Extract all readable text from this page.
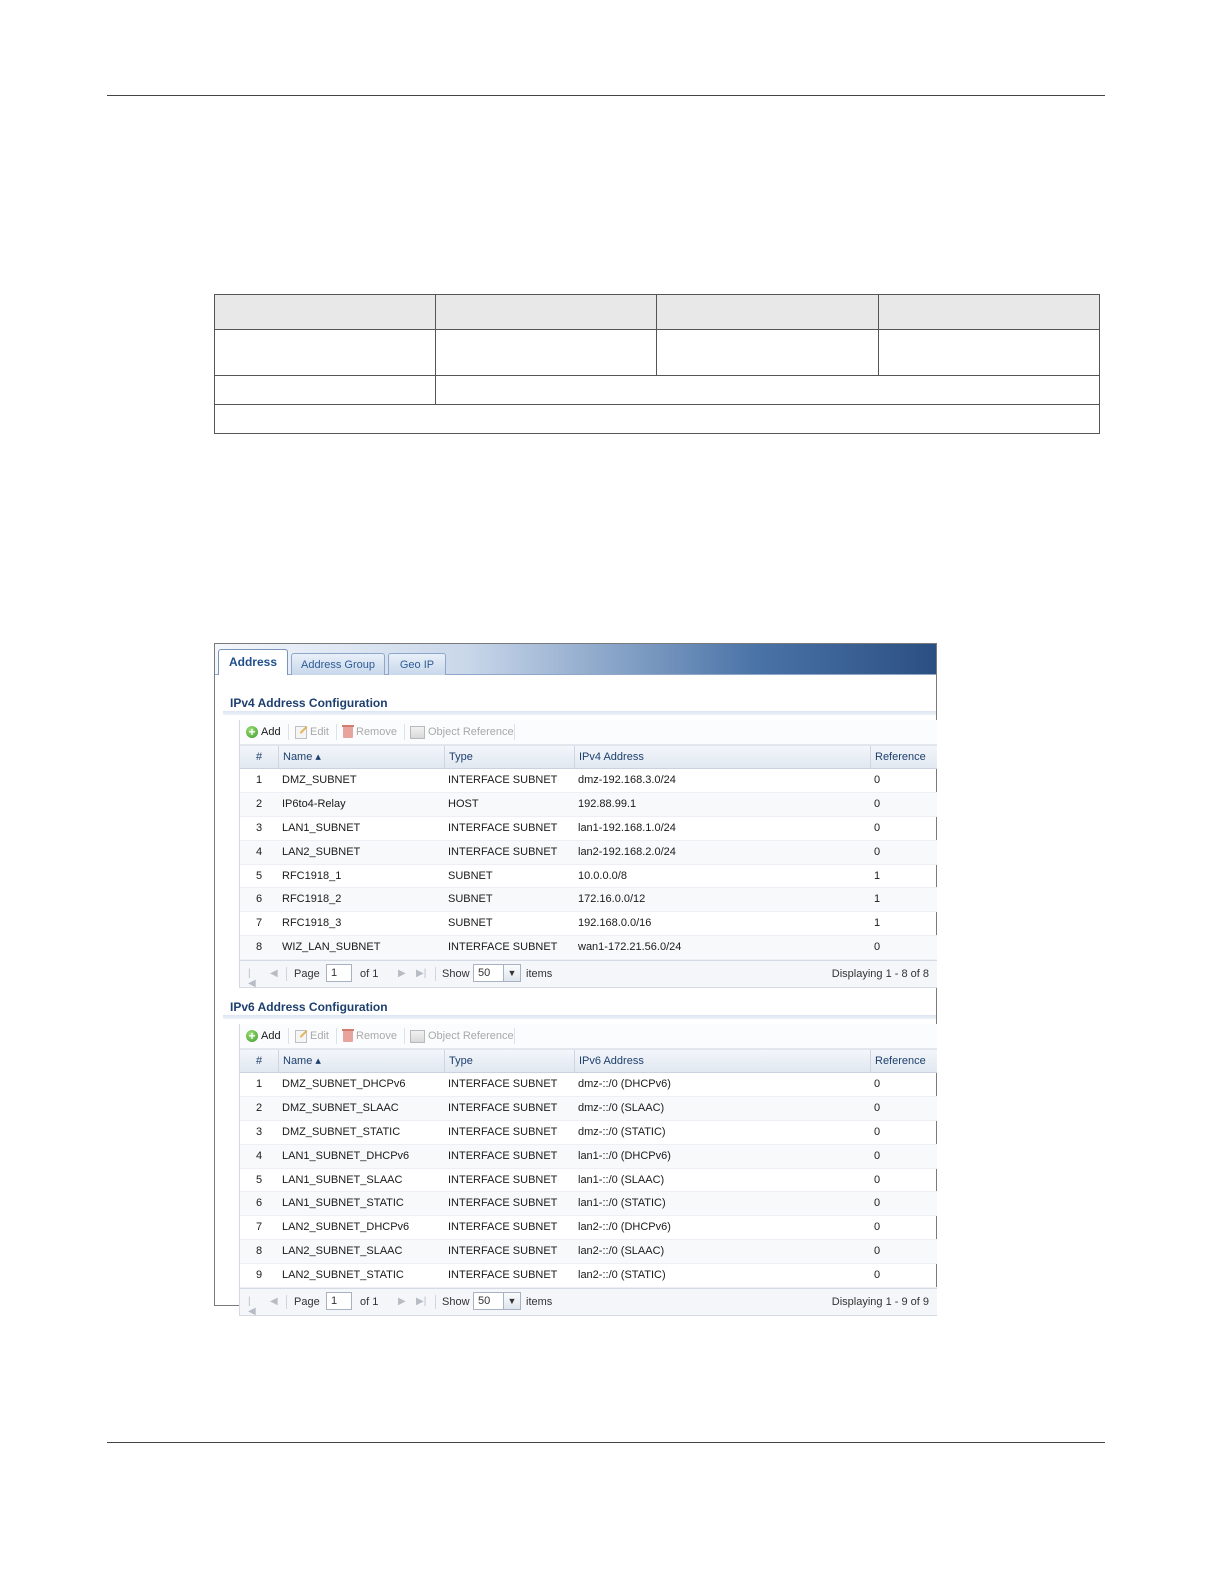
Address	Address Group	Geo IP
IPv4 Address Configuration
+
Add	Edit Remove	Object Reference
#	Name ▴	Type	IPv4 Address	Reference
1	DMZ_SUBNET	INTERFACE SUBNET	dmz-192.168.3.0/24	0
2	IP6to4-Relay	HOST	192.88.99.1	0
3	LAN1_SUBNET	INTERFACE SUBNET	lan1-192.168.1.0/24	0
4	LAN2_SUBNET	INTERFACE SUBNET	lan2-192.168.2.0/24	0
5	RFC1918_1	SUBNET	10.0.0.0/8	1
6	RFC1918_2	SUBNET	172.16.0.0/12	1
7	RFC1918_3	SUBNET	192.168.0.0/16	1
8	WIZ_LAN_SUBNET	INTERFACE SUBNET	wan1-172.21.56.0/24	0
|◀
◀ Page	1	of 1 ▶ ▶| Show 50	▼ items	Displaying 1 - 8 of 8
IPv6 Address Configuration
+
Add	Edit Remove	Object Reference
#	Name ▴	Type	IPv6 Address	Reference
1	DMZ_SUBNET_DHCPv6	INTERFACE SUBNET	dmz-::/0 (DHCPv6)	0
2	DMZ_SUBNET_SLAAC	INTERFACE SUBNET	dmz-::/0 (SLAAC)	0
3	DMZ_SUBNET_STATIC	INTERFACE SUBNET	dmz-::/0 (STATIC)	0
4	LAN1_SUBNET_DHCPv6	INTERFACE SUBNET	lan1-::/0 (DHCPv6)	0
5	LAN1_SUBNET_SLAAC	INTERFACE SUBNET	lan1-::/0 (SLAAC)	0
6	LAN1_SUBNET_STATIC	INTERFACE SUBNET	lan1-::/0 (STATIC)	0
7	LAN2_SUBNET_DHCPv6	INTERFACE SUBNET	lan2-::/0 (DHCPv6)	0
8	LAN2_SUBNET_SLAAC	INTERFACE SUBNET	lan2-::/0 (SLAAC)	0
9	LAN2_SUBNET_STATIC	INTERFACE SUBNET	lan2-::/0 (STATIC)	0
|◀
◀ Page	1	of 1 ▶ ▶| Show 50	▼ items	Displaying 1 - 9 of 9
